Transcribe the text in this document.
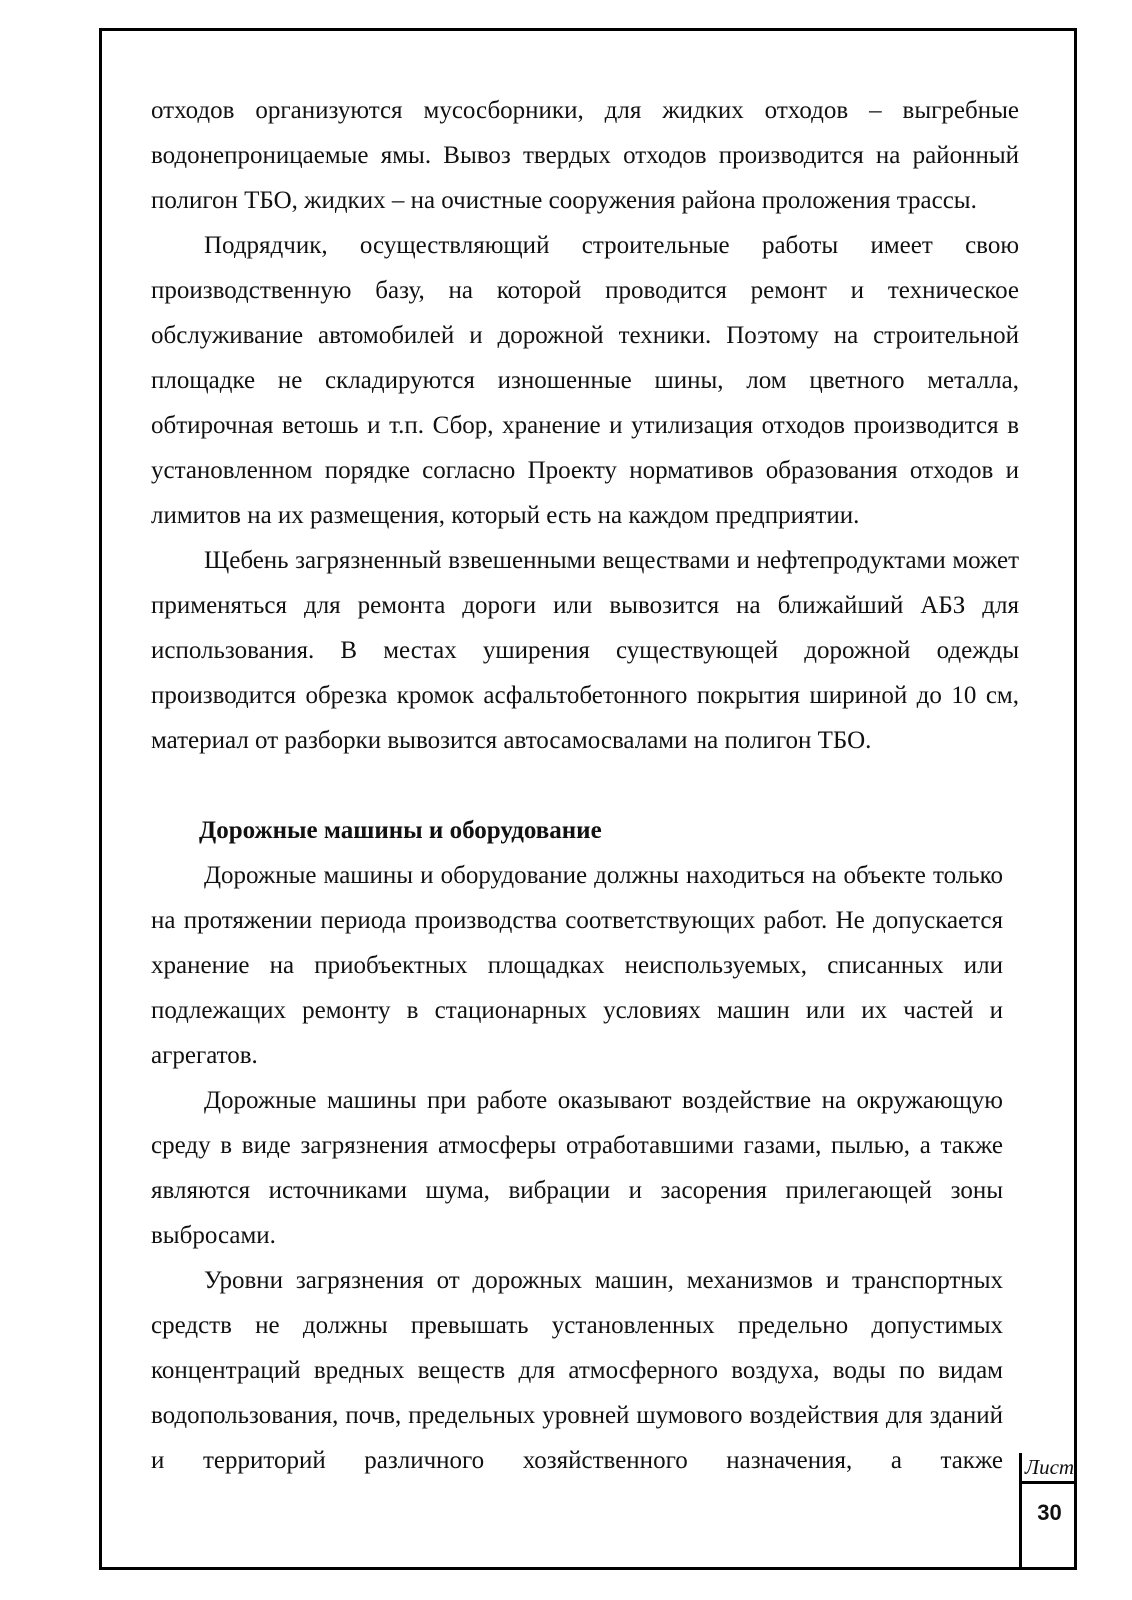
отходов организуются мусосборники, для жидких отходов – выгребные водонепроницаемые ямы. Вывоз твердых отходов производится на районный полигон ТБО, жидких – на очистные сооружения района проложения трассы.

Подрядчик, осуществляющий строительные работы имеет свою производственную базу, на которой проводится ремонт и техническое обслуживание автомобилей и дорожной техники. Поэтому на строительной площадке не складируются изношенные шины, лом цветного металла, обтирочная ветошь и т.п. Сбор, хранение и утилизация отходов производится в установленном порядке согласно Проекту нормативов образования отходов и лимитов на их размещения, который есть на каждом предприятии.

Щебень загрязненный взвешенными веществами и нефтепродуктами может применяться для ремонта дороги или вывозится на ближайший АБЗ для использования. В местах уширения существующей дорожной одежды производится обрезка кромок асфальтобетонного покрытия шириной до 10 см, материал от разборки вывозится автосамосвалами на полигон ТБО.

Дорожные машины и оборудование

Дорожные машины и оборудование должны находиться на объекте только на протяжении периода производства соответствующих работ. Не допускается хранение на приобъектных площадках неиспользуемых, списанных или подлежащих ремонту в стационарных условиях машин или их частей и агрегатов.

Дорожные машины при работе оказывают воздействие на окружающую среду в виде загрязнения атмосферы отработавшими газами, пылью, а также являются источниками шума, вибрации и засорения прилегающей зоны выбросами.

Уровни загрязнения от дорожных машин, механизмов и транспортных средств не должны превышать установленных предельно допустимых концентраций вредных веществ для атмосферного воздуха, воды по видам водопользования, почв, предельных уровней шумового воздействия для зданий и территорий различного хозяйственного назначения, а также Лист
30
